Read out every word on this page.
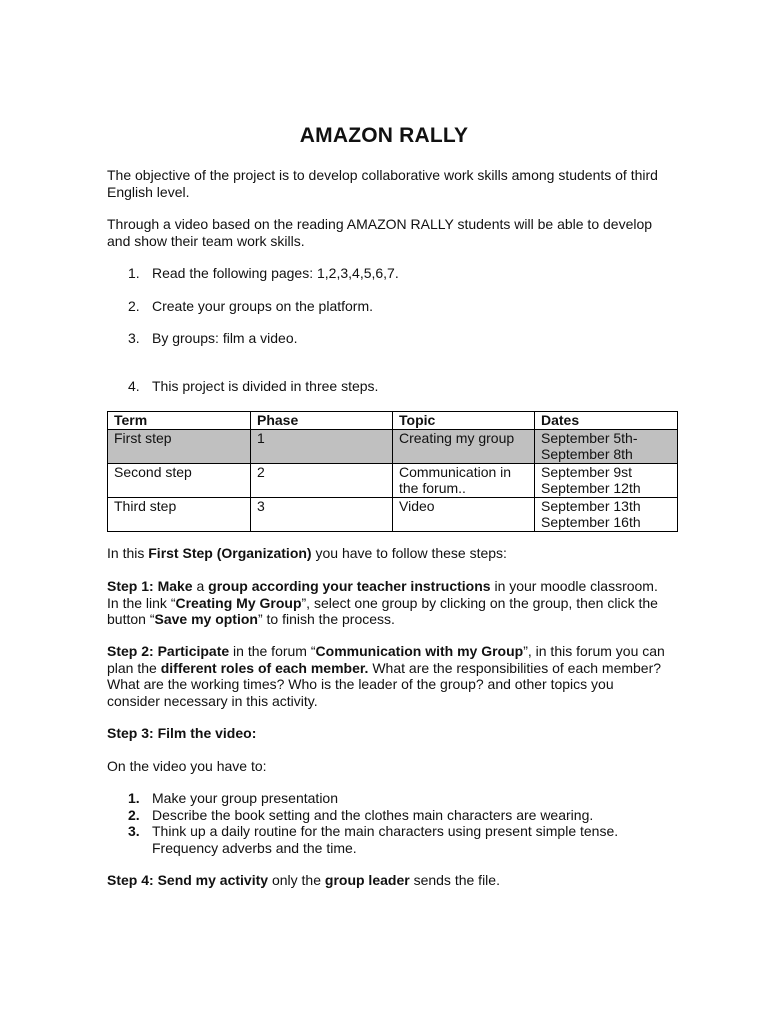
AMAZON RALLY
The objective of the project is to develop collaborative work skills among students of third English level.
Through a video based on the reading AMAZON RALLY students will be able to develop and show their team work skills.
1. Read the following pages: 1,2,3,4,5,6,7.
2. Create your groups on the platform.
3. By groups: film a video.
4. This project is divided in three steps.
Term	Phase	Topic	Dates
First step	1	Creating my group	September 5th-
September 8th
Second step	2	Communication in
the forum..	September 9st
September 12th
Third step	3	Video	September 13th
September 16th
In this First Step (Organization) you have to follow these steps:
Step 1: Make a group according your teacher instructions in your moodle classroom. In the link “Creating My Group”, select one group by clicking on the group, then click the button “Save my option” to finish the process.
Step 2: Participate in the forum “Communication with my Group”, in this forum you can plan the different roles of each member. What are the responsibilities of each member? What are the working times? Who is the leader of the group? and other topics you consider necessary in this activity.
Step 3: Film the video:
On the video you have to:
1. Make your group presentation
2. Describe the book setting and the clothes main characters are wearing.
3. Think up a daily routine for the main characters using present simple tense. Frequency adverbs and the time.
Step 4: Send my activity only the group leader sends the file.
